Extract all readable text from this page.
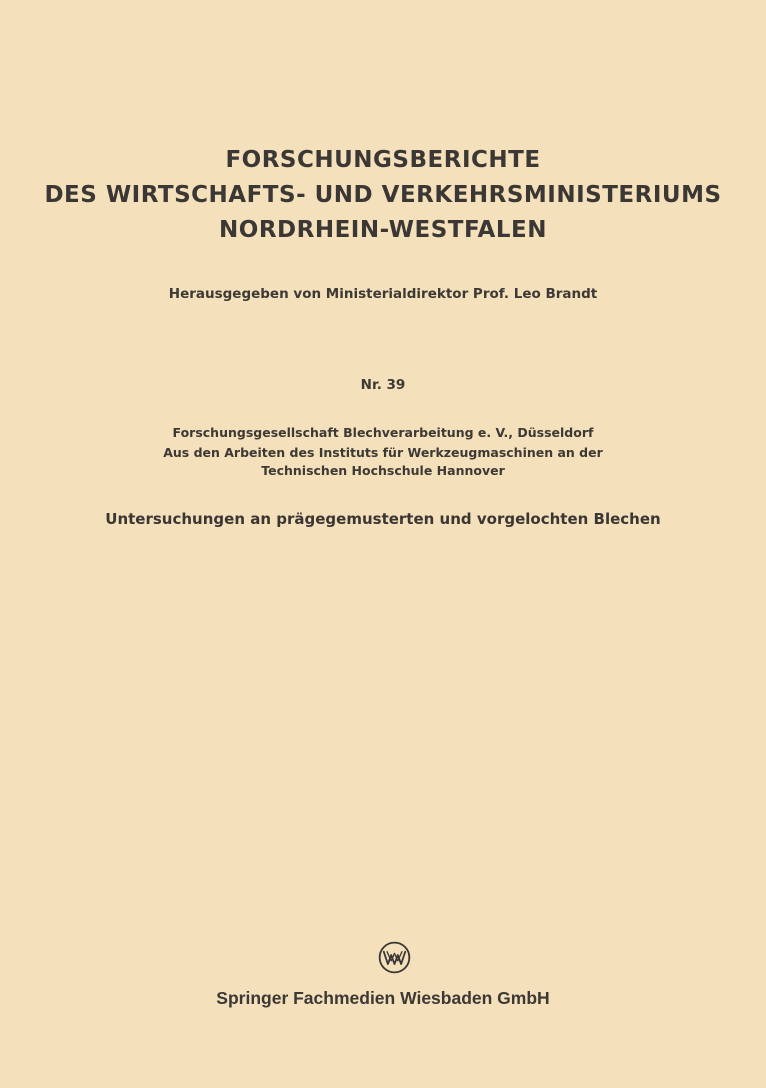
FORSCHUNGSBERICHTE
DES WIRTSCHAFTS- UND VERKEHRSMINISTERIUMS
NORDRHEIN-WESTFALEN
Herausgegeben von Ministerialdirektor Prof. Leo Brandt
Nr. 39
Forschungsgesellschaft Blechverarbeitung e. V., Düsseldorf
Aus den Arbeiten des Instituts für Werkzeugmaschinen an der
Technischen Hochschule Hannover
Untersuchungen an prägegemusterten und vorgelochten Blechen
Springer Fachmedien Wiesbaden GmbH
